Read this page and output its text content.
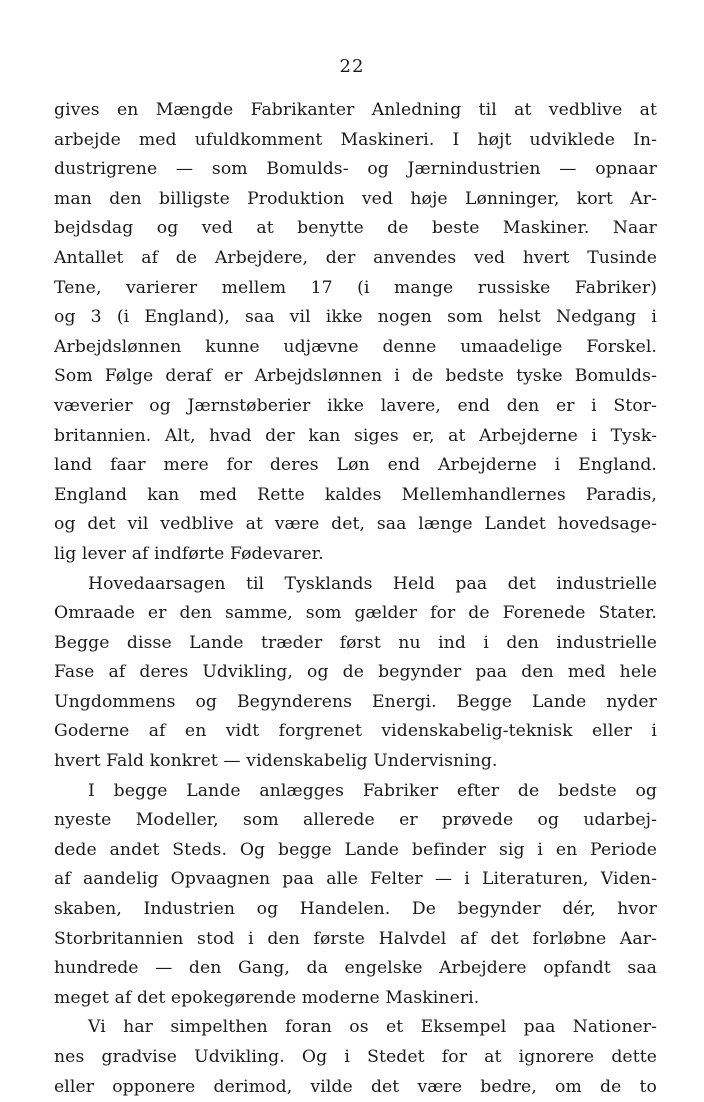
22
gives en Mængde Fabrikanter Anledning til at vedblive at
arbejde med ufuldkomment Maskineri. I højt udviklede In-
dustrigrene — som Bomulds- og Jærnindustrien — opnaar
man den billigste Produktion ved høje Lønninger, kort Ar-
bejdsdag og ved at benytte de beste Maskiner. Naar
Antallet af de Arbejdere, der anvendes ved hvert Tusinde
Tene, varierer mellem 17 (i mange russiske Fabriker)
og 3 (i England), saa vil ikke nogen som helst Nedgang i
Arbejdslønnen kunne udjævne denne umaadelige Forskel.
Som Følge deraf er Arbejdslønnen i de bedste tyske Bomulds-
væverier og Jærnstøberier ikke lavere, end den er i Stor-
britannien. Alt, hvad der kan siges er, at Arbejderne i Tysk-
land faar mere for deres Løn end Arbejderne i England.
England kan med Rette kaldes Mellemhandlernes Paradis,
og det vil vedblive at være det, saa længe Landet hovedsage-
lig lever af indførte Fødevarer.
Hovedaarsagen til Tysklands Held paa det industrielle
Omraade er den samme, som gælder for de Forenede Stater.
Begge disse Lande træder først nu ind i den industrielle
Fase af deres Udvikling, og de begynder paa den med hele
Ungdommens og Begynderens Energi. Begge Lande nyder
Goderne af en vidt forgrenet videnskabelig-teknisk eller i
hvert Fald konkret — videnskabelig Undervisning.
I begge Lande anlægges Fabriker efter de bedste og
nyeste Modeller, som allerede er prøvede og udarbej-
dede andet Steds. Og begge Lande befinder sig i en Periode
af aandelig Opvaagnen paa alle Felter — i Literaturen, Viden-
skaben, Industrien og Handelen. De begynder dér, hvor
Storbritannien stod i den første Halvdel af det forløbne Aar-
hundrede — den Gang, da engelske Arbejdere opfandt saa
meget af det epokegørende moderne Maskineri.
Vi har simpelthen foran os et Eksempel paa Nationer-
nes gradvise Udvikling. Og i Stedet for at ignorere dette
eller opponere derimod, vilde det være bedre, om de to
